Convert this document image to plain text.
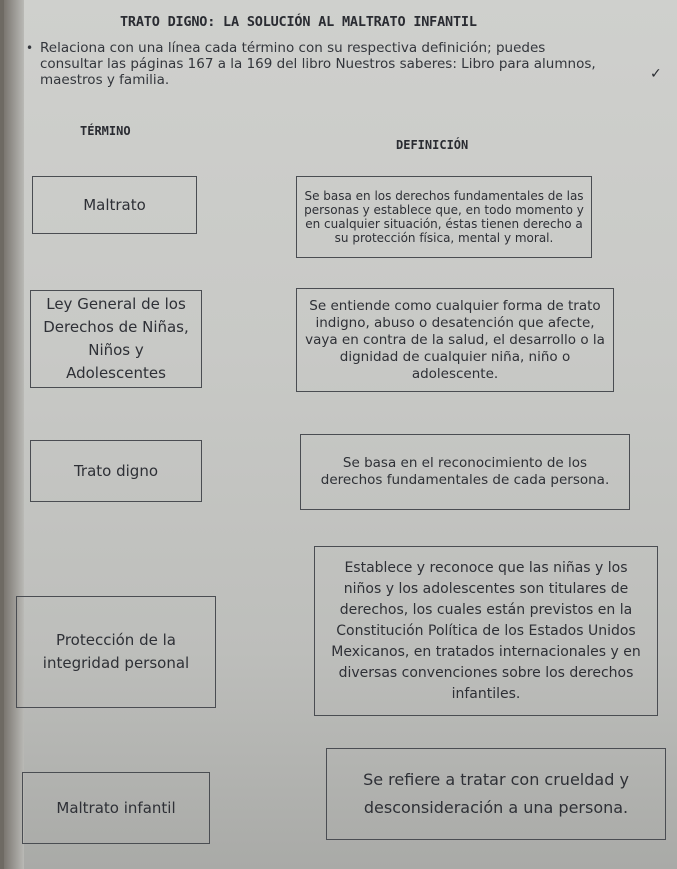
TRATO DIGNO: LA SOLUCIÓN AL MALTRATO INFANTIL
• Relaciona con una línea cada término con su respectiva definición; puedes consultar las páginas 167 a la 169 del libro Nuestros saberes: Libro para alumnos, maestros y familia.
TÉRMINO
DEFINICIÓN
Maltrato
Ley General de los Derechos de Niñas, Niños y Adolescentes
Trato digno
Protección de la integridad personal
Maltrato infantil
Se basa en los derechos fundamentales de las personas y establece que, en todo momento y en cualquier situación, éstas tienen derecho a su protección física, mental y moral.
Se entiende como cualquier forma de trato indigno, abuso o desatención que afecte, vaya en contra de la salud, el desarrollo o la dignidad de cualquier niña, niño o adolescente.
Se basa en el reconocimiento de los derechos fundamentales de cada persona.
Establece y reconoce que las niñas y los niños y los adolescentes son titulares de derechos, los cuales están previstos en la Constitución Política de los Estados Unidos Mexicanos, en tratados internacionales y en diversas convenciones sobre los derechos infantiles.
Se refiere a tratar con crueldad y desconsideración a una persona.
✓
